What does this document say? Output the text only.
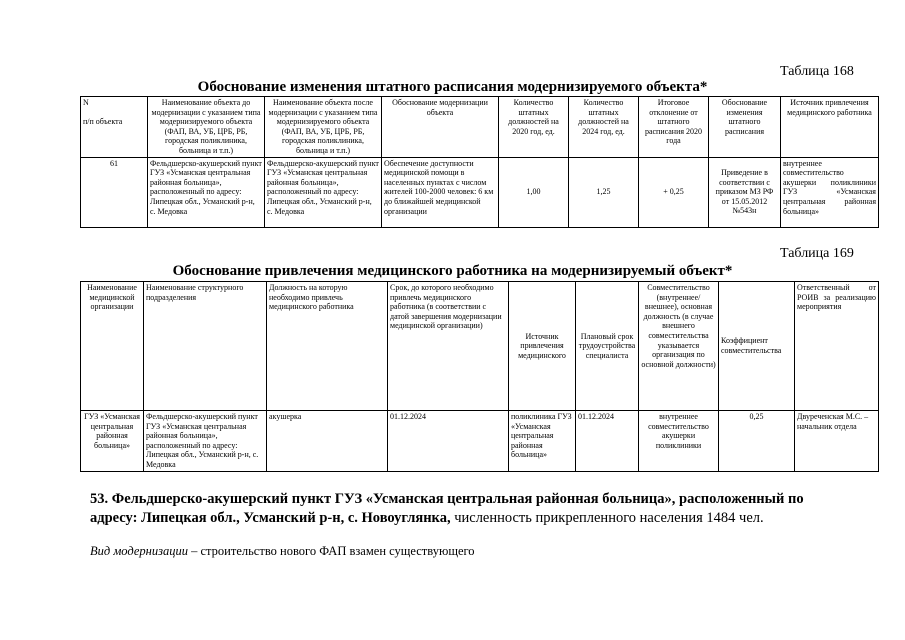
Таблица 168
Обоснование изменения штатного расписания модернизируемого объекта*
N

п/п объекта	Наименование объекта до модернизации с указанием типа модернизируемого объекта (ФАП, ВА, УБ, ЦРБ, РБ, городская поликлиника, больница и т.п.)	Наименование объекта после модернизации с указанием типа модернизируемого объекта (ФАП, ВА, УБ, ЦРБ, РБ, городская поликлиника, больница и т.п.)	Обоснование модернизации объекта	Количество штатных должностей на 2020 год, ед.	Количество штатных должностей на 2024 год, ед.	Итоговое отклонение от штатного расписания 2020 года	Обоснование изменения штатного расписания	Источник привлечения медицинского работника
61	Фельдшерско-акушерский пункт ГУЗ «Усманская центральная районная больница», расположенный по адресу: Липецкая обл., Усманский р-н, с. Медовка	Фельдшерско-акушерский пункт ГУЗ «Усманская центральная районная больница», расположенный по адресу: Липецкая обл., Усманский р-н, с. Медовка	Обеспечение доступности медицинской помощи в населенных пунктах с числом жителей 100-2000 человек: 6 км до ближайшей медицинской организации	1,00	1,25	+ 0,25	Приведение в соответствии с приказом МЗ РФ от 15.05.2012 №543н	внутреннее совместительство акушерки поликлиники ГУЗ «Усманская центральная районная больница»
Таблица 169
Обоснование привлечения медицинского работника на модернизируемый объект*
Наименование медицинской организации	Наименование структурного подразделения	Должность на которую необходимо привлечь медицинского работника	Срок, до которого необходимо привлечь медицинского работника (в соответствии с датой завершения модернизации медицинской организации)	Источник привлечения медицинского	Плановый срок трудоустройства специалиста	Совместительство (внутреннее/внешнее), основная должность (в случае внешнего совместительства указывается организация по основной должности)	Коэффициент совместительства	Ответственный от РОИВ за реализацию мероприятия
ГУЗ «Усманская центральная районная больница»	Фельдшерско-акушерский пункт ГУЗ «Усманская центральная районная больница», расположенный по адресу: Липецкая обл., Усманский р-н, с. Медовка	акушерка	01.12.2024	поликлиника ГУЗ «Усманская центральная районная больница»	01.12.2024	внутреннее совместительство акушерки поликлиники	0,25	Двуреченская М.С. – начальник отдела
53. Фельдшерско-акушерский пункт ГУЗ «Усманская центральная районная больница», расположенный по адресу: Липецкая обл., Усманский р-н, с. Новоуглянка, численность прикрепленного населения 1484 чел.
Вид модернизации – строительство нового ФАП взамен существующего
